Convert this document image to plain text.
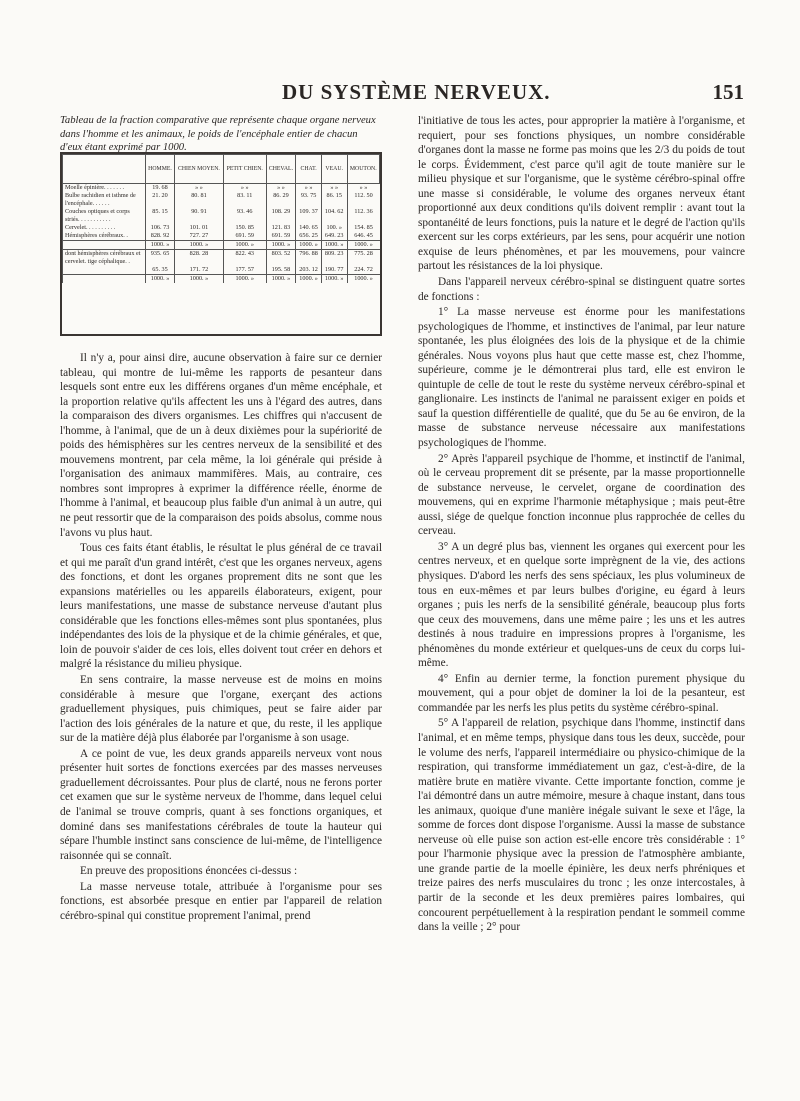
DU SYSTÈME NERVEUX.	151
Tableau de la fraction comparative que représente chaque organe nerveux dans l'homme et les animaux, le poids de l'encéphale entier de chacun d'eux étant exprimé par 1000.
	HOMME.	CHIEN MOYEN.	PETIT CHIEN.	CHEVAL.	CHAT.	VEAU.	MOUTON.
Moelle épinière. . . . . . .	19. 68	» »	» »	» »	» »	» »	» »
Bulbe rachidien et isthme de l'encéphale. . . . . .	21. 20	80. 81	83. 11	86. 29	93. 75	86. 15	112. 50
Couches optiques et corps striés. . . . . . . . . . .	85. 15	90. 91	93. 46	108. 29	109. 37	104. 62	112. 36
Cervelet. . . . . . . . . .	106. 73	101. 01	150. 85	121. 83	140. 65	100. »	154. 85
Hémisphères cérébraux. .	828. 92	727. 27	691. 59	691. 59	656. 25	649. 23	646. 45
	1000. »	1000. »	1000. »	1000. »	1000. »	1000. »	1000. »
dont hémisphères cérébraux et cervelet. tige céphalique. .	935. 65	828. 28	822. 43	803. 52	796. 88	809. 23	775. 28
	65. 35	171. 72	177. 57	195. 58	203. 12	190. 77	224. 72
	1000. »	1000. »	1000. »	1000. »	1000. »	1000. »	1000. »

Il n'y a, pour ainsi dire, aucune observation à faire sur ce dernier tableau, qui montre de lui-même les rapports de pesanteur dans lesquels sont entre eux les différens organes d'un même encéphale, et la proportion relative qu'ils affectent les uns à l'égard des autres, dans la comparaison des divers organismes. Les chiffres qui n'accusent de l'homme, à l'animal, que de un à deux dixièmes pour la supériorité de poids des hémisphères sur les centres nerveux de la sensibilité et des mouvemens montrent, par cela même, la loi générale qui préside à l'organisation des animaux mammifères. Mais, au contraire, ces nombres sont impropres à exprimer la différence réelle, énorme de l'homme à l'animal, et beaucoup plus faible d'un animal à un autre, qui ne peut ressortir que de la comparaison des poids absolus, comme nous l'avons vu plus haut.

Tous ces faits étant établis, le résultat le plus général de ce travail et qui me paraît d'un grand intérêt, c'est que les organes nerveux, agens des fonctions, et dont les organes proprement dits ne sont que les expansions matérielles ou les appareils élaborateurs, exigent, pour leurs manifestations, une masse de substance nerveuse d'autant plus considérable que les fonctions elles-mêmes sont plus spontanées, plus indépendantes des lois de la physique et de la chimie générales, et que, loin de pouvoir s'aider de ces lois, elles doivent tout créer en dehors et malgré la résistance du milieu physique.

En sens contraire, la masse nerveuse est de moins en moins considérable à mesure que l'organe, exerçant des actions graduellement physiques, puis chimiques, peut se faire aider par l'action des lois générales de la nature et que, du reste, il les applique sur de la matière déjà plus élaborée par l'organisme à son usage.

A ce point de vue, les deux grands appareils nerveux vont nous présenter huit sortes de fonctions exercées par des masses nerveuses graduellement décroissantes. Pour plus de clarté, nous ne ferons porter cet examen que sur le système nerveux de l'homme, dans lequel celui de l'animal se trouve compris, quant à ses fonctions organiques, et dominé dans ses manifestations cérébrales de toute la hauteur qui sépare l'humble instinct sans conscience de lui-même, de l'intelligence raisonnée qui se connaît.

En preuve des propositions énoncées ci-dessus :

La masse nerveuse totale, attribuée à l'organisme pour ses fonctions, est absorbée presque en entier par l'appareil de relation cérébro-spinal qui constitue proprement l'animal, prend

l'initiative de tous les actes, pour approprier la matière à l'organisme, et requiert, pour ses fonctions physiques, un nombre considérable d'organes dont la masse ne forme pas moins que les 2/3 du poids de tout le corps. Évidemment, c'est parce qu'il agit de toute manière sur le milieu physique et sur l'organisme, que le système cérébro-spinal offre une masse si considérable, le volume des organes nerveux étant proportionné aux deux conditions qu'ils doivent remplir : avant tout la spontanéité de leurs fonctions, puis la nature et le degré de l'action qu'ils exercent sur les corps extérieurs, par les sens, pour acquérir une notion exquise de leurs phénomènes, et par les mouvemens, pour vaincre partout les résistances de la loi physique.

Dans l'appareil nerveux cérébro-spinal se distinguent quatre sortes de fonctions :

1° La masse nerveuse est énorme pour les manifestations psychologiques de l'homme, et instinctives de l'animal, par leur nature spontanée, les plus éloignées des lois de la physique et de la chimie générales. Nous voyons plus haut que cette masse est, chez l'homme, supérieure, comme je le démontrerai plus tard, elle est environ le quintuple de celle de tout le reste du système nerveux cérébro-spinal et ganglionaire. Les instincts de l'animal ne paraissent exiger en poids et sauf la question différentielle de qualité, que du 5e au 6e environ, de la masse de substance nerveuse nécessaire aux manifestations psychologiques de l'homme.

2° Après l'appareil psychique de l'homme, et instinctif de l'animal, où le cerveau proprement dit se présente, par la masse proportionnelle de substance nerveuse, le cervelet, organe de coordination des mouvemens, qui en exprime l'harmonie métaphysique ; mais peut-être aussi, siége de quelque fonction inconnue plus rapprochée de celles du cerveau.

3° A un degré plus bas, viennent les organes qui exercent pour les centres nerveux, et en quelque sorte imprègnent de la vie, des actions physiques. D'abord les nerfs des sens spéciaux, les plus volumineux de tous en eux-mêmes et par leurs bulbes d'origine, eu égard à leurs organes ; puis les nerfs de la sensibilité générale, beaucoup plus forts que ceux des mouvemens, dans une même paire ; les uns et les autres destinés à nous traduire en impressions propres à l'organisme, les phénomènes du monde extérieur et quelques-uns de ceux du corps lui-même.

4° Enfin au dernier terme, la fonction purement physique du mouvement, qui a pour objet de dominer la loi de la pesanteur, est commandée par les nerfs les plus petits du système cérébro-spinal.

5° A l'appareil de relation, psychique dans l'homme, instinctif dans l'animal, et en même temps, physique dans tous les deux, succède, pour le volume des nerfs, l'appareil intermédiaire ou physico-chimique de la respiration, qui transforme immédiatement un gaz, c'est-à-dire, de la matière brute en matière vivante. Cette importante fonction, comme je l'ai démontré dans un autre mémoire, mesure à chaque instant, dans tous les animaux, quoique d'une manière inégale suivant le sexe et l'âge, la somme de forces dont dispose l'organisme. Aussi la masse de substance nerveuse où elle puise son action est-elle encore très considérable : 1° pour l'harmonie physique avec la pression de l'atmosphère ambiante, une grande partie de la moelle épinière, les deux nerfs phréniques et treize paires des nerfs musculaires du tronc ; les onze intercostales, à partir de la seconde et les deux premières paires lombaires, qui concourent perpétuellement à la respiration pendant le sommeil comme dans la veille ; 2° pour
